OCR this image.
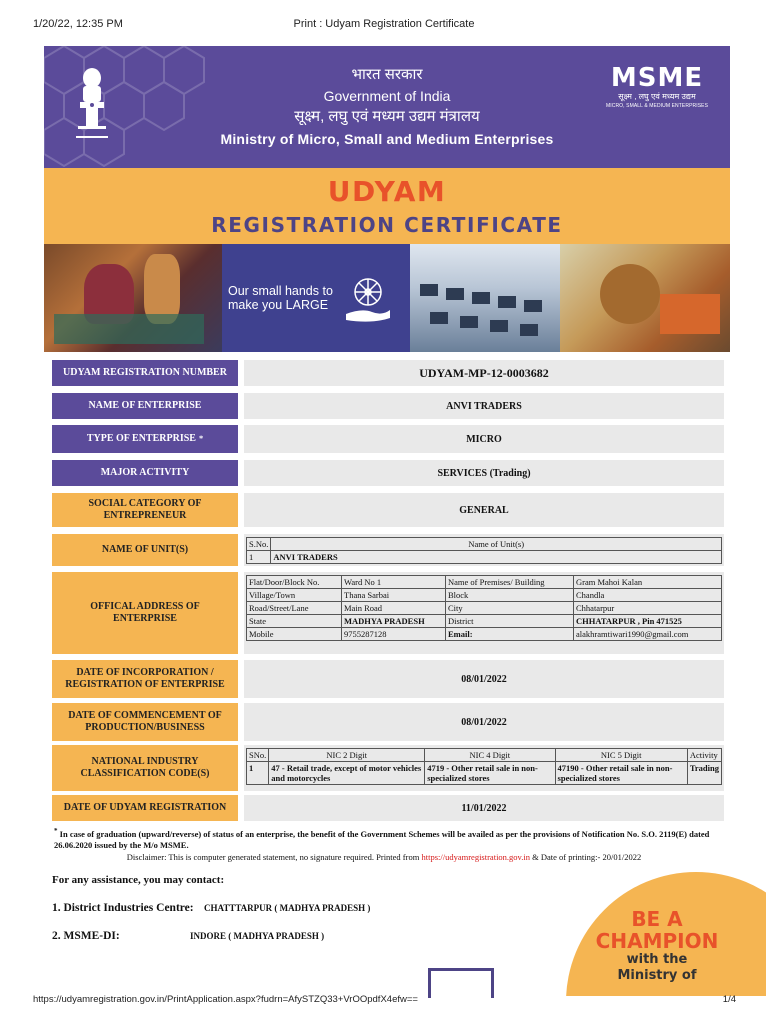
1/20/22, 12:35 PM	Print : Udyam Registration Certificate
भारत सरकार
Government of India
सूक्ष्म, लघु एवं मध्यम उद्यम मंत्रालय
Ministry of Micro, Small and Medium Enterprises
MSME
सूक्ष्म , लघु एवं मध्यम उद्यम
MICRO, SMALL & MEDIUM ENTERPRISES
UDYAM
REGISTRATION CERTIFICATE
Our small hands to
make you LARGE
UDYAM REGISTRATION NUMBER	UDYAM-MP-12-0003682
NAME OF ENTERPRISE	ANVI TRADERS
TYPE OF ENTERPRISE *	MICRO
MAJOR ACTIVITY	SERVICES (Trading)
SOCIAL CATEGORY OF ENTREPRENEUR	GENERAL
NAME OF UNIT(S)	S.No.	Name of Unit(s)
1	ANVI TRADERS
OFFICAL ADDRESS OF ENTERPRISE
Flat/Door/Block No.	Ward No 1	Name of Premises/ Building	Gram Mahoi Kalan
Village/Town	Thana Sarbai	Block	Chandla
Road/Street/Lane	Main Road	City	Chhatarpur
State	MADHYA PRADESH	District	CHHATARPUR , Pin 471525
Mobile	9755287128	Email:	alakhramtiwari1990@gmail.com
DATE OF INCORPORATION / REGISTRATION OF ENTERPRISE	08/01/2022
DATE OF COMMENCEMENT OF PRODUCTION/BUSINESS	08/01/2022
NATIONAL INDUSTRY CLASSIFICATION CODE(S)
SNo.	NIC 2 Digit	NIC 4 Digit	NIC 5 Digit	Activity
1	47 - Retail trade, except of motor vehicles and motorcycles	4719 - Other retail sale in non-specialized stores	47190 - Other retail sale in non-specialized stores	Trading
DATE OF UDYAM REGISTRATION	11/01/2022
* In case of graduation (upward/reverse) of status of an enterprise, the benefit of the Government Schemes will be availed as per the provisions of Notification No. S.O. 2119(E) dated 26.06.2020 issued by the M/o MSME.
Disclaimer: This is computer generated statement, no signature required. Printed from https://udyamregistration.gov.in & Date of printing:- 20/01/2022
For any assistance, you may contact:
1. District Industries Centre: CHATTTARPUR ( MADHYA PRADESH )
2. MSME-DI:	INDORE ( MADHYA PRADESH )
BE A
CHAMPION
with the
Ministry of
https://udyamregistration.gov.in/PrintApplication.aspx?fudrn=AfySTZQ33+VrOOpdfX4efw==	1/4
